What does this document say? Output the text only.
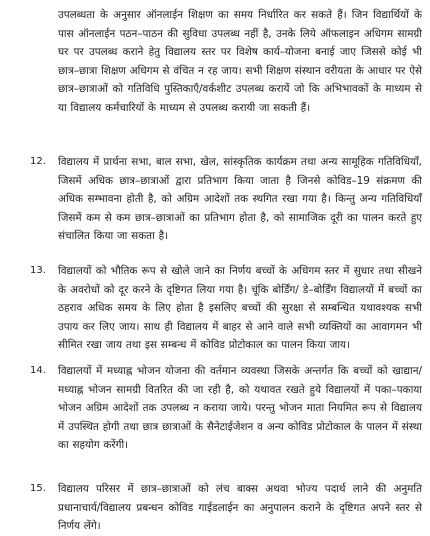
उपलब्धता के अनुसार ऑनलाईन शिक्षण का समय निर्धारित कर सकते हैं। जिन विद्यार्थियों के पास ऑनलाईन पठन–पाठन की सुविधा उपलब्ध नहीं है, उनके लिये ऑफलाइन अधिगम सामग्री घर पर उपलब्ध कराने हेतु विद्यालय स्तर पर विशेष कार्य–योजना बनाई जाए जिससे कोई भी छात्र–छात्रा शिक्षण अधिगम से वंचित न रह जाय। सभी शिक्षण संस्थान वरीयता के आधार पर ऐसे छात्र–छात्राओं को गतिविधि पुस्तिकाएँ/वर्कशीट उपलब्ध करायें जो कि अभिभावकों के माध्यम से या विद्यालय कर्मचारियों के माध्यम से उपलब्ध करायी जा सकती हैं।
12.	विद्यालय में प्रार्थना सभा, बाल सभा, खेल, सांस्कृतिक कार्यक्रम तथा अन्य सामूहिक गतिविधियाँ, जिसमें अधिक छात्र–छात्राओं द्वारा प्रतिभाग किया जाता है जिनसे कोविड–19 संक्रमण की अधिक सम्भावना होती है, को अग्रिम आदेशों तक स्थगित रखा गया है। किन्तु अन्य गतिविधियाँ जिसमें कम से कम छात्र–छात्राओं का प्रतिभाग होता है, को सामाजिक दूरी का पालन करते हुए संचालित किया जा सकता है।
13.	विद्यालयों को भौतिक रूप से खोले जाने का निर्णय बच्चों के अधिगम स्तर में सुधार तथा सीखने के अवरोधों को दूर करने के दृष्टिगत लिया गया है। चूंकि बोर्डिंग/ डे–बोर्डिंग विद्यालयों में बच्चों का ठहराव अधिक समय के लिए होता है इसलिए बच्चों की सुरक्षा से सम्बन्धित यथावश्यक सभी उपाय कर लिए जाय। साथ ही विद्यालय में बाहर से आने वाले सभी व्यक्तियों का आवागमन भी सीमित रखा जाय तथा इस सम्बन्ध में कोविड प्रोटोकाल का पालन किया जाय।
14.	विद्यालयों में मध्याह्न भोजन योजना की वर्तमान व्यवस्था जिसके अन्तर्गत कि बच्चों को खाद्यान/मध्याह्न भोजन सामग्री वितरित की जा रही है, को यथावत रखते हुये विद्यालयों में पका–पकाया भोजन अग्रिम आदेशों तक उपलब्ध न कराया जाये। परन्तु भोजन माता नियमित रूप से विद्यालय में उपस्थित होगी तथा छात्र छात्राओं के सैनेटाईजेशन व अन्य कोविड प्रोटोकाल के पालन में संस्था का सहयोग करेंगी।
15.	विद्यालय परिसर में छात्र–छात्राओं को लंच बाक्स अथवा भोज्य पदार्थ लाने की अनुमति प्रधानाचार्य/विद्यालय प्रबन्धन कोविड गाईडलाईन का अनुपालन कराने के दृष्टिगत अपने स्तर से निर्णय लेंगे।
